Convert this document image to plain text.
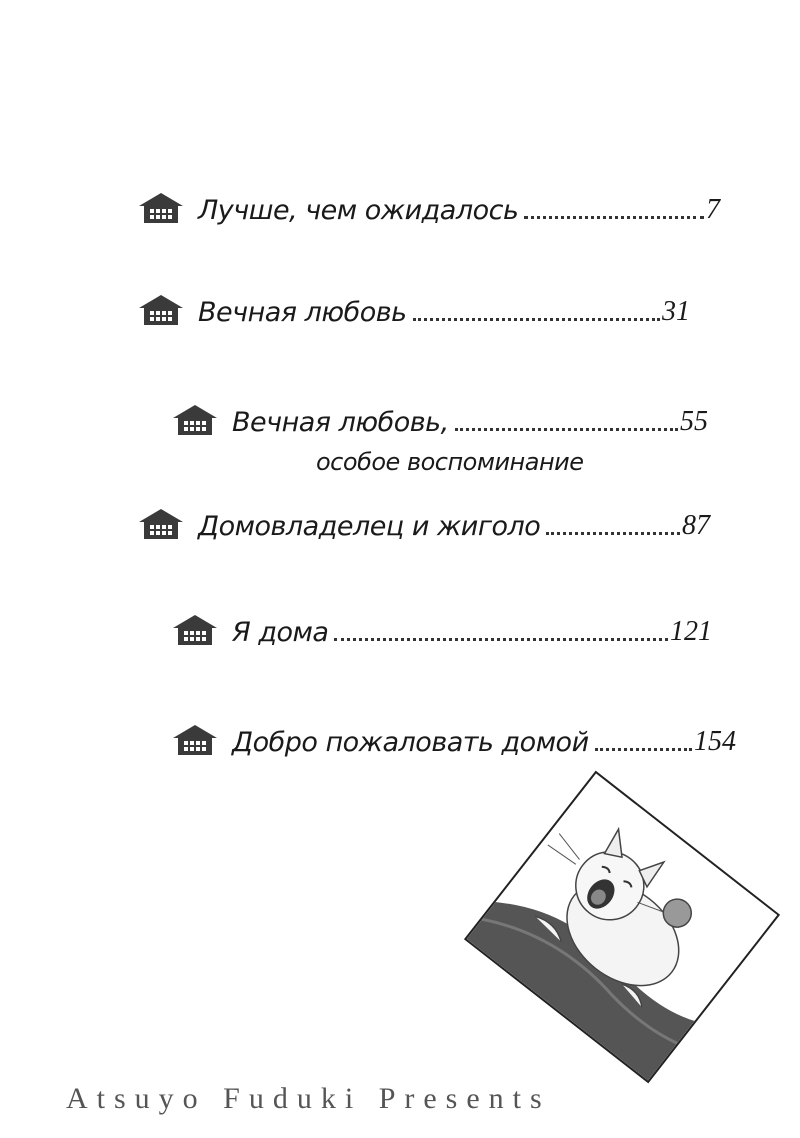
Лучше, чем ожидалось	7
Вечная любовь	31
Вечная любовь,	55
особое воспоминание
Домовладелец и жиголо	87
Я дома	121
Добро пожаловать домой	154
Atsuyo Fuduki Presents
